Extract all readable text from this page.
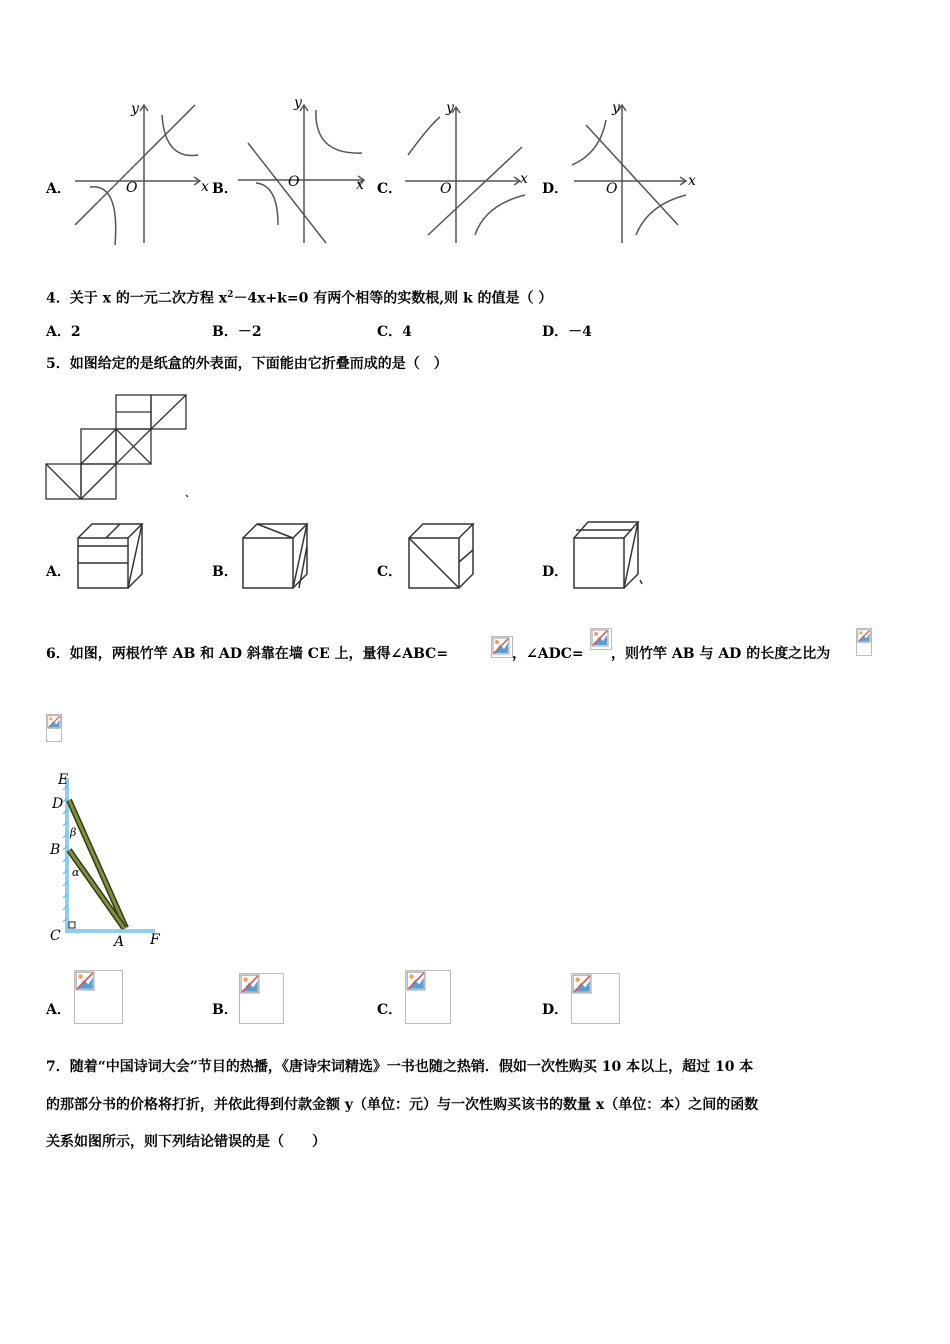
A．	B．	C．	D．
x
y
O	x
y
O	x
y
O	x
y
O
4．关于 x 的一元二次方程 $x^2-4x+k=0$ 有两个相等的实数根,则 k 的值是（ ）
A．2	B．－2	C．4	D．－4
5．如图给定的是纸盒的外表面，下面能由它折叠而成的是（　）
A．	B．	C．	D．
6．如图，两根竹竿 AB 和 AD 斜靠在墙 CE 上，量得∠ABC=	，∠ADC= ，则竹竿 AB 与 AD 的长度之比为
E
D
B
C	A F
β
α
A．	B．	C．	D．
7．随着“中国诗词大会”节目的热播，《唐诗宋词精选》一书也随之热销．假如一次性购买 10 本以上，超过 10 本
的那部分书的价格将打折，并依此得到付款金额 y（单位：元）与一次性购买该书的数量 x（单位：本）之间的函数
关系如图所示，则下列结论错误的是（　　）
